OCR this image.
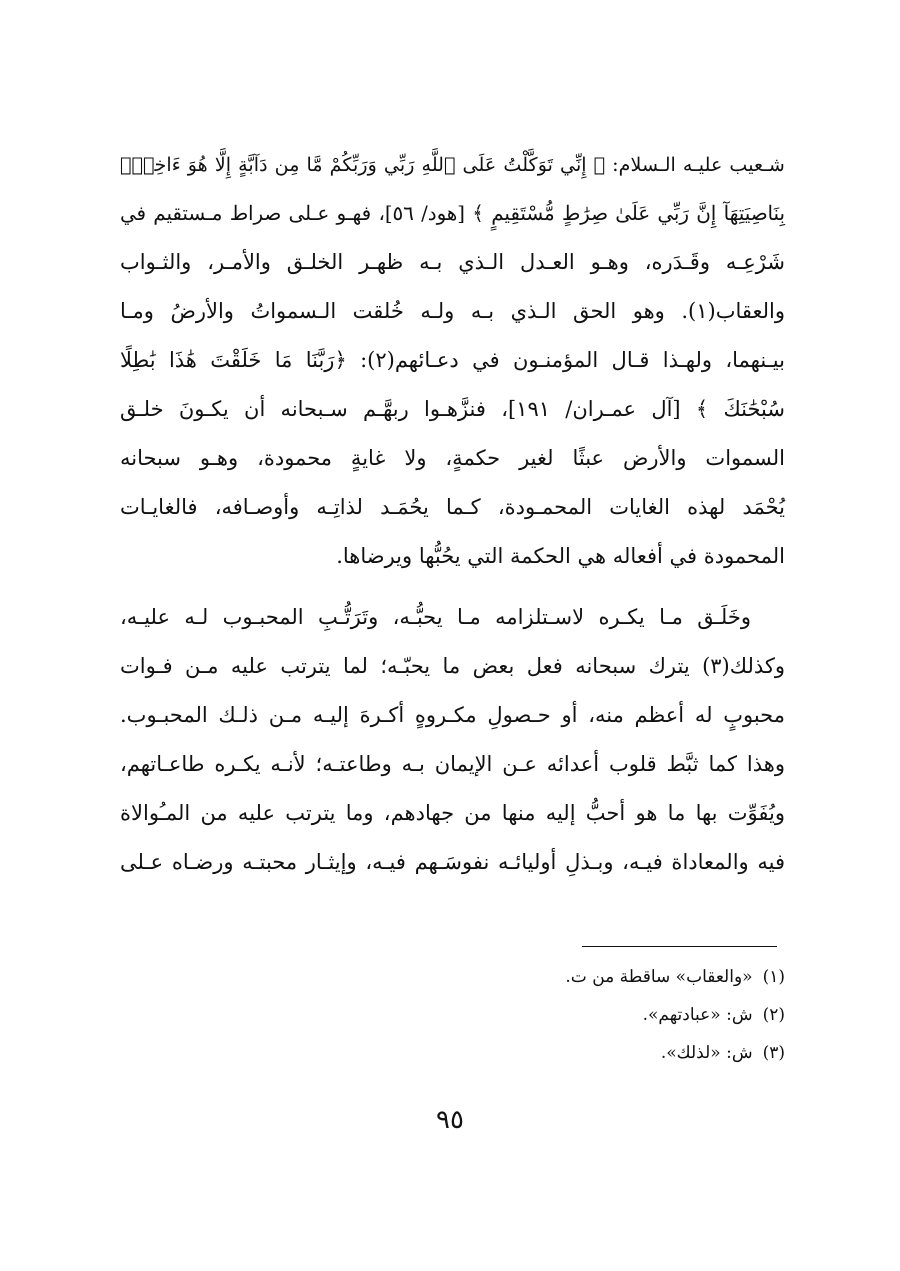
شـعيب عليـه الـسلام: ﴿ إِنِّي تَوَكَّلْتُ عَلَى ٱللَّهِ رَبِّي وَرَبِّكُمْ مَّا مِن دَآبَّةٍ إِلَّا هُوَ ءَاخِذٌۢ
بِنَاصِيَتِهَآ إِنَّ رَبِّي عَلَىٰ صِرَٰطٍ مُّسْتَقِيمٍ ﴾ [هود/ ٥٦]، فهـو عـلى صراط مـستقيم في
شَرْعِـه وقَـدَره، وهـو العـدل الـذي بـه ظهـر الخلـق والأمـر، والثـواب
والعقاب(١). وهو الحق الـذي بـه ولـه خُلقت الـسمواتُ والأرضُ ومـا
بيـنهما، ولهـذا قـال المؤمنـون في دعـائهم(٢): ﴿رَبَّنَا مَا خَلَقْتَ هَٰذَا بَٰطِلًا
سُبْحَٰنَكَ ﴾ [آل عمـران/ ١٩١]، فنزَّهـوا ربهَّـم سـبحانه أن يكـونَ خلـق
السموات والأرض عبثًا لغير حكمةٍ، ولا غايةٍ محمودة، وهـو سبحانه
يُحْمَد لهذه الغايات المحمـودة، كـما يحُمَـد لذاتِـه وأوصـافه، فالغايـات
المحمودة في أفعاله هي الحكمة التي يحُبُّها ويرضاها.
وخَلَـق مـا يكـره لاسـتلزامه مـا يحبُّـه، وتَرَتُّـبِ المحبـوب لـه عليـه،
وكذلك(٣) يترك سبحانه فعل بعض ما يحبّـه؛ لما يترتب عليه مـن فـوات
محبوبٍ له أعظم منه، أو حـصولِ مكـروهٍ أكـرهَ إليـه مـن ذلـك المحبـوب.
وهذا كما ثبَّط قلوب أعدائه عـن الإيمان بـه وطاعتـه؛ لأنـه يكـره طاعـاتهم،
ويُفَوِّت بها ما هو أحبُّ إليه منها من جهادهم، وما يترتب عليه من المـُوالاة
فيه والمعاداة فيـه، وبـذلِ أوليائـه نفوسَـهم فيـه، وإيثـار محبتـه ورضـاه عـلى
(١)
«والعقاب» ساقطة من ت.
(٢)
ش: «عبادتهم».
(٣)
ش: «لذلك».
٩٥
